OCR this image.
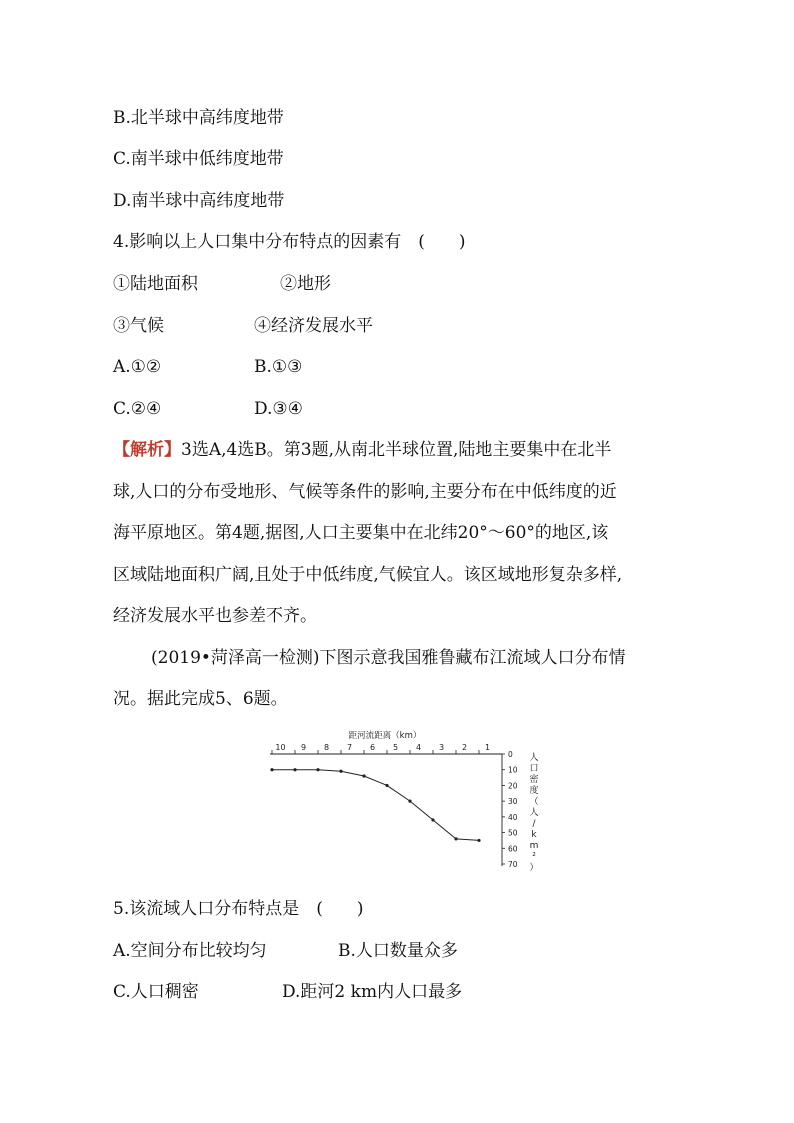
B.北半球中高纬度地带
C.南半球中低纬度地带
D.南半球中高纬度地带
4.影响以上人口集中分布特点的因素有　(　　)
①陆地面积	②地形
③气候	④经济发展水平
A.①②	B.①③
C.②④	D.③④
【解析】3选A,4选B。第3题,从南北半球位置,陆地主要集中在北半
球,人口的分布受地形、气候等条件的影响,主要分布在中低纬度的近
海平原地区。第4题,据图,人口主要集中在北纬20°～60°的地区,该
区域陆地面积广阔,且处于中低纬度,气候宜人。该区域地形复杂多样,
经济发展水平也参差不齐。
(2019•菏泽高一检测)下图示意我国雅鲁藏布江流域人口分布情
况。据此完成5、6题。
距河流距离（km）
10 9 8 7 6 5 4 3 2 1
0
10
20
30
40
50
60
70
人
口
密
度
（
人
/
k
m
²
）
5.该流域人口分布特点是　(　　)
A.空间分布比较均匀	B.人口数量众多
C.人口稠密	D.距河2 km内人口最多
